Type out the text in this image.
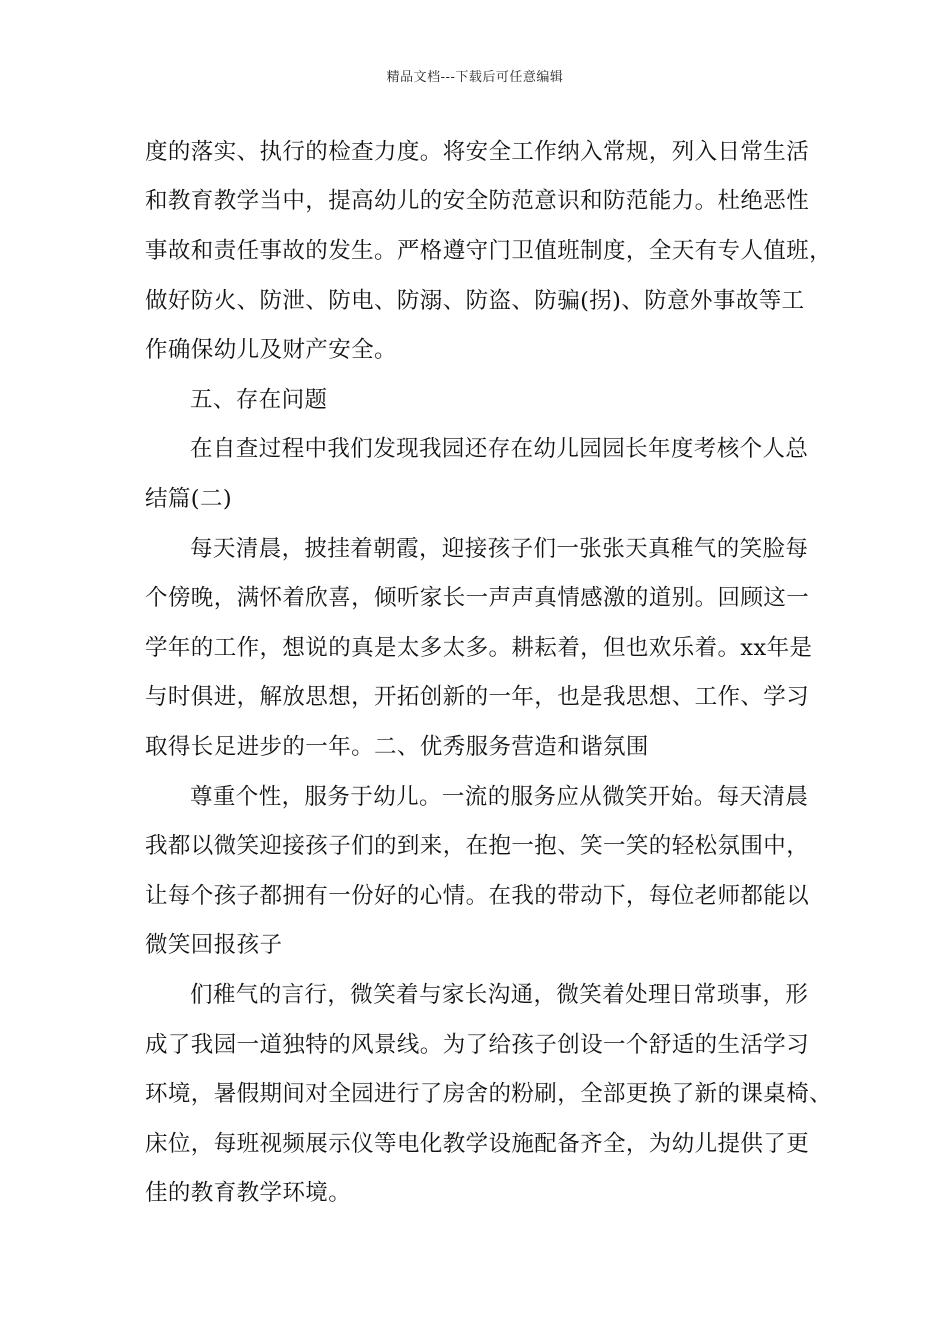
精品文档---下载后可任意编辑
度的落实、执行的检查力度。将安全工作纳入常规，列入日常生活
和教育教学当中，提高幼儿的安全防范意识和防范能力。杜绝恶性
事故和责任事故的发生。严格遵守门卫值班制度，全天有专人值班，
做好防火、防泄、防电、防溺、防盗、防骗(拐)、防意外事故等工
作确保幼儿及财产安全。
五、存在问题
在自查过程中我们发现我园还存在幼儿园园长年度考核个人总
结篇(二)
每天清晨，披挂着朝霞，迎接孩子们一张张天真稚气的笑脸每
个傍晚，满怀着欣喜，倾听家长一声声真情感激的道别。回顾这一
学年的工作，想说的真是太多太多。耕耘着，但也欢乐着。xx年是
与时俱进，解放思想，开拓创新的一年，也是我思想、工作、学习
取得长足进步的一年。二、优秀服务营造和谐氛围
尊重个性，服务于幼儿。一流的服务应从微笑开始。每天清晨
我都以微笑迎接孩子们的到来，在抱一抱、笑一笑的轻松氛围中，
让每个孩子都拥有一份好的心情。在我的带动下，每位老师都能以
微笑回报孩子
们稚气的言行，微笑着与家长沟通，微笑着处理日常琐事，形
成了我园一道独特的风景线。为了给孩子创设一个舒适的生活学习
环境，暑假期间对全园进行了房舍的粉刷，全部更换了新的课桌椅、
床位，每班视频展示仪等电化教学设施配备齐全，为幼儿提供了更
佳的教育教学环境。
